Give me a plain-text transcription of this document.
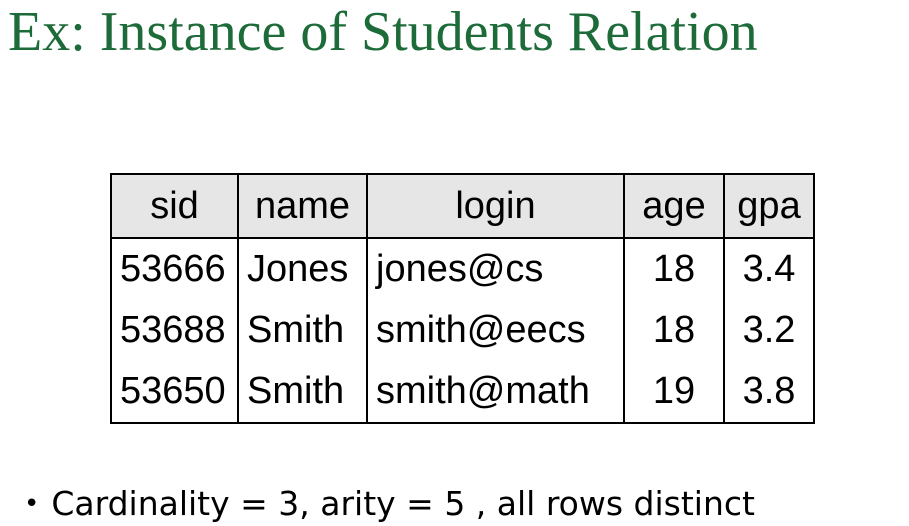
Ex: Instance of Students Relation
sid	name	login	age	gpa
53666	Jones	jones@cs	18	3.4
53688	Smith	smith@eecs	18	3.2
53650	Smith	smith@math	19	3.8
• Cardinality = 3, arity = 5 , all rows distinct
